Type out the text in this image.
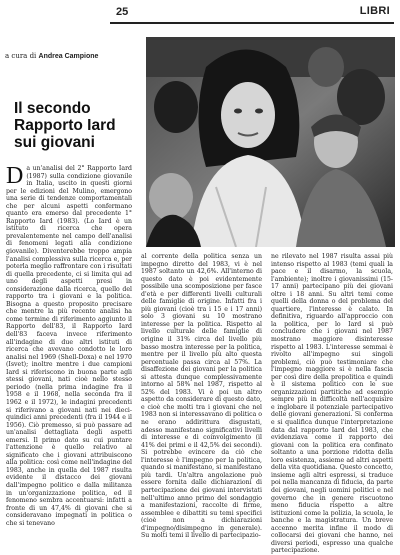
25	LIBRI
a cura di Andrea Campione
Il secondo
Rapporto Iard
sui giovani

Da un'analisi del 2° Rapporto Iard (1987) sulla condizione giovanile in Italia, uscito in questi giorni per le edizioni del Mulino, emergono una serie di tendenze comportamentali che per alcuni aspetti confermano quanto era emerso dal precedente 1° Rapporto Iard (1983). (Lo Iard è un istituto di ricerca che opera prevalentemente nel campo dell'analisi di fenomeni legati alla condizione giovanile). Diventerebbe troppo ampia l'analisi complessiva sulla ricerca e, per poterla meglio raffrontare con i risultati di quella precedente, ci si limita qui ad uno degli aspetti presi in considerazione dalla ricerca, quello del rapporto tra i giovani e la politica. Bisogna a questo proposito precisare che mentre la più recente analisi ha come termine di riferimento aggiunto il Rapporto dell'83, il Rapporto Iard dell'83 faceva invece riferimento all'indagine di due altri istituti di ricerca che avevano condotto le loro analisi nel 1969 (Shell-Doxa) e nel 1970 (Isvet); inoltre mentre i due campioni Iard si riferiscono in buona parte agli stessi giovani, nati cioè nello stesso periodo (nella prima indagine fra il 1958 e il 1968, nella seconda fra il 1962 e il 1972), le indagini precedenti si riferivano a giovani nati nei dieci-quindici anni precedenti (fra il 1944 e il 1956). Ciò premesso, si può passare ad un'analisi dettagliata degli aspetti emersi. Il primo dato su cui puntare l'attenzione è quello relativo al significato che i giovani attribuiscono alla politica: così come nell'indagine del 1983, anche in quella del 1987 risulta evidente il distacco dei giovani dall'impegno politico e dalla militanza in un'organizzazione politica, ed il fenomeno sembra accentuarsi: infatti a fronte di un 47,4% di giovani che si consideravano impegnati in politica o che si tenevano

al corrente della politica senza un impegno diretto del 1983, vi è nel 1987 soltanto un 42,6%. All'interno di questo dato è poi evidentemente possibile una scomposizione per fasce d'età e per differenti livelli culturali delle famiglie di origine. Infatti fra i più giovani (cioè tra i 15 e i 17 anni) solo 3 giovani su 10 mostrano interesse per la politica. Rispetto al livello culturale delle famiglie di origine il 31% circa del livello più basso mostra interesse per la politica, mentre per il livello più alto questa percentuale passa circa al 57%. La disaffezione dei giovani per la politica si attesta dunque complessivamente intorno al 58% nel 1987, rispetto al 52% del 1983. Vi è poi un altro aspetto da considerare di questo dato, e cioè che molti tra i giovani che nel 1983 non si interessavano di politica o ne erano addirittura disgustati, adesso manifestano significativi livelli di interesse e di coinvolgimento (il 41% dei primi e il 42,5% dei secondi). Si potrebbe evincere da ciò che l'interesse è l'impegno per la politica, quando si manifestano, si manifestano più tardi. Un'altra angolazione può essere fornita dalle dichiarazioni di partecipazione dei giovani intervistati nell'ultimo anno primo del sondaggio a manifestazioni, raccolte di firme, assemblee e dibattiti su temi specifici (cioè non a dichiarazioni d'impegno/disimpegno in generale). Su molti temi il livello di partecipazio-

ne rilevato nel 1987 risulta assai più intenso rispetto al 1983 (temi quali la pace e il disarmo, la scuola, l'ambiente); inoltre i giovanissimi (15-17 anni) partecipano più dei giovani oltre i 18 anni. Su altri temi come quelli della donna o del problema del quartiere, l'interesse è calato. In definitiva, riguardo all'approccio con la politica, per lo Iard si può concludere che i giovani nel 1987 mostrano maggiore disinteresse rispetto al 1983. L'interesse semmai è rivolto all'impegno sui singoli problemi, ciò può testimoniare che l'impegno maggiore si è nella fascia per così dire della prepolitica e quindi è il sistema politico con le sue organizzazioni partitiche ad esempio sempre più in difficoltà nell'acquisire e inglobare il potenziale partecipativo delle giovani generazioni. Si conferma e si qualifica dunque l'interpretazione data dal rapporto Iard del 1983, che evidenziava come il rapporto dei giovani con la politica era confinato soltanto a una porzione ridotta della loro esistenza, assieme ad altri aspetti della vita quotidiana. Questo concetto, insieme agli altri espressi, si traduce poi nella mancanza di fiducia, da parte dei giovani, negli uomini politici e nel governo che in genere riscuotono meno fiducia rispetto a altre istituzioni come la polizia, la scuola, le banche e la magistratura. Un breve accenno merita infine il modo di collocarsi dei giovani che hanno, nei diversi periodi, espresso una qualche partecipazione.
